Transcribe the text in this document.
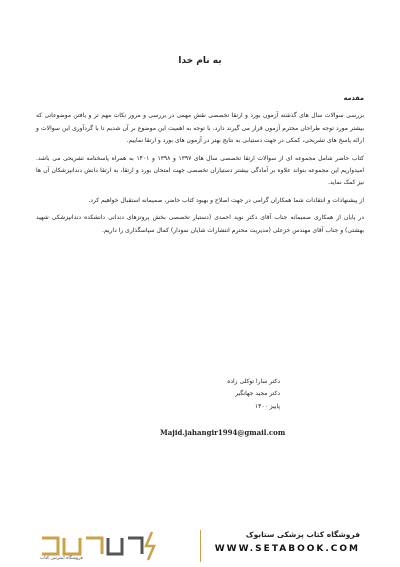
به نام خدا
مقدمه

بررسی سوالات سال های گذشته آزمون بورد و ارتقا تخصصی نقش مهمی در بررسی و مرور نکات مهم تر و یافتن موضوعاتی که بیشتر مورد توجه طراحان محترم آزمون قرار می گیرند دارد. با توجه به اهمیت این موضوع بر آن شدیم تا با گردآوری این سوالات و ارائه پاسخ های تشریحی، کمکی در جهت دستیابی به نتایج بهتر در آزمون های بورد و ارتقا نماییم.

کتاب حاضر شامل مجموعه ای از سوالات ارتقا تخصصی سال های ۱۳۹۷ و ۱۳۹۸ و ۱۴۰۱ به همراه پاسخنامه تشریحی می باشد. امیدواریم این مجموعه بتواند علاوه بر آمادگی بیشتر دستیاران تخصصی جهت امتحان بورد و ارتقا، به ارتقا دانش دندانپزشکان آن ها نیز کمک نماید.

از پیشنهادات و انتقادات شما همکاران گرامی در جهت اصلاح و بهبود کتاب حاضر، صمیمانه استقبال خواهیم کرد.

در پایان از همکاری صمیمانه جناب آقای دکتر نوید احمدی (دستیار تخصصی بخش پروتزهای دندانی دانشکده دندانپزشکی شهید بهشتی) و جناب آقای مهندس خزعلی (مدیریت محترم انتشارات شایان نمودار) کمال سپاسگذاری را داریم.

دکتر سارا توکلی زاده
دکتر مجید جهانگیر
پاییز ۱۴۰۰
Majid.jahangir1994@gmail.com
فروشگاه اینترنتی کتاب
فروشگاه کتاب پزشکی ستابوک
WWW.SETABOOK.COM
